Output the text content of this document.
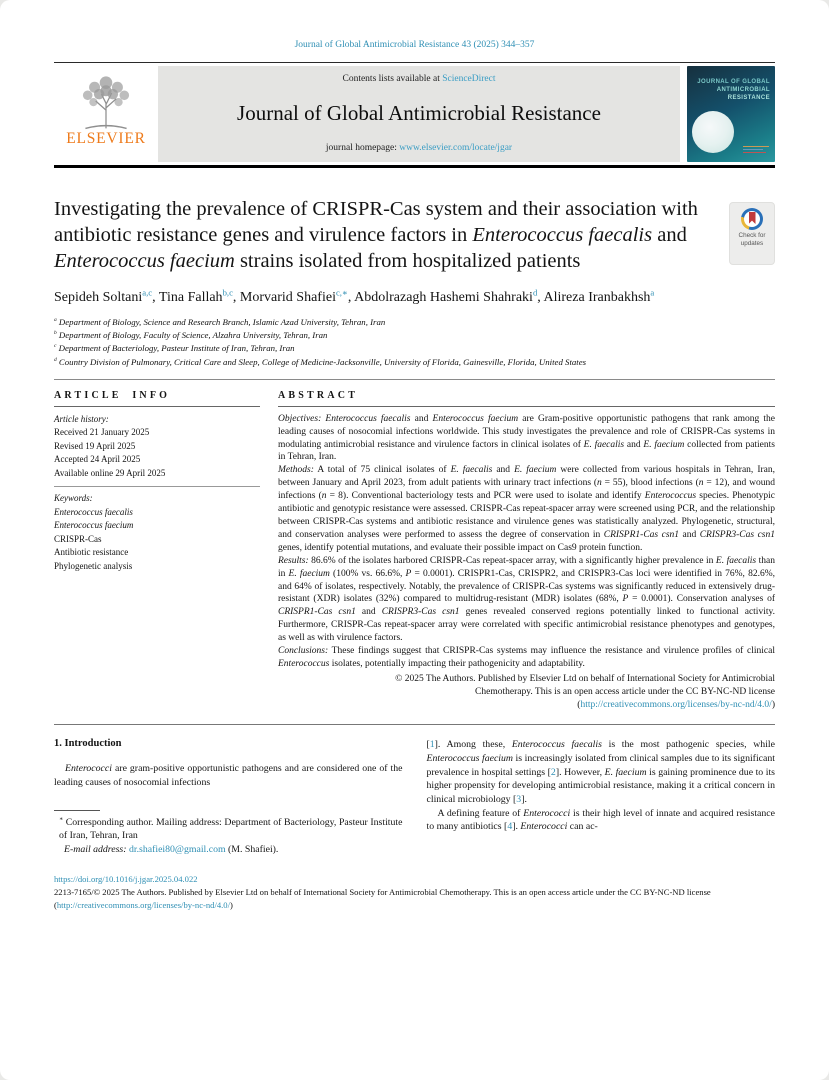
Journal of Global Antimicrobial Resistance 43 (2025) 344–357
ELSEVIER
Contents lists available at ScienceDirect
Journal of Global Antimicrobial Resistance
journal homepage: www.elsevier.com/locate/jgar
JOURNAL OF GLOBAL
ANTIMICROBIAL
RESISTANCE
Investigating the prevalence of CRISPR-Cas system and their association with antibiotic resistance genes and virulence factors in Enterococcus faecalis and Enterococcus faecium strains isolated from hospitalized patients
Check for
updates
Sepideh Soltani$^{a,c}$, Tina Fallah$^{b,c}$, Morvarid Shafiei$^{c,∗}$, Abdolrazagh Hashemi Shahraki$^d$, Alireza Iranbakhsh$^a$
$^a$ Department of Biology, Science and Research Branch, Islamic Azad University, Tehran, Iran
$^b$ Department of Biology, Faculty of Science, Alzahra University, Tehran, Iran
$^c$ Department of Bacteriology, Pasteur Institute of Iran, Tehran, Iran
$^d$ Country Division of Pulmonary, Critical Care and Sleep, College of Medicine-Jacksonville, University of Florida, Gainesville, Florida, United States
ARTICLE INFO
Article history:
Received 21 January 2025
Revised 19 April 2025
Accepted 24 April 2025
Available online 29 April 2025
Keywords:
Enterococcus faecalis
Enterococcus faecium
CRISPR-Cas
Antibiotic resistance
Phylogenetic analysis
ABSTRACT

Objectives: Enterococcus faecalis and Enterococcus faecium are Gram-positive opportunistic pathogens that rank among the leading causes of nosocomial infections worldwide. This study investigates the prevalence and role of CRISPR-Cas systems in modulating antimicrobial resistance and virulence factors in clinical isolates of E. faecalis and E. faecium collected from patients in Tehran, Iran.

Methods: A total of 75 clinical isolates of E. faecalis and E. faecium were collected from various hospitals in Tehran, Iran, between January and April 2023, from adult patients with urinary tract infections (n = 55), blood infections (n = 12), and wound infections (n = 8). Conventional bacteriology tests and PCR were used to isolate and identify Enterococcus species. Phenotypic antibiotic and genotypic resistance were assessed. CRISPR-Cas repeat-spacer array were screened using PCR, and the relationship between CRISPR-Cas systems and antibiotic resistance and virulence genes was statistically analyzed. Phylogenetic, structural, and conservation analyses were performed to assess the degree of conservation in CRISPR1-Cas csn1 and CRISPR3-Cas csn1 genes, identify potential mutations, and evaluate their possible impact on Cas9 protein function.

Results: 86.6% of the isolates harbored CRISPR-Cas repeat-spacer array, with a significantly higher prevalence in E. faecalis than in E. faecium (100% vs. 66.6%, P = 0.0001). CRISPR1-Cas, CRISPR2, and CRISPR3-Cas loci were identified in 76%, 82.6%, and 64% of isolates, respectively. Notably, the prevalence of CRISPR-Cas systems was significantly reduced in extensively drug-resistant (XDR) isolates (32%) compared to multidrug-resistant (MDR) isolates (68%, P = 0.0001). Conservation analyses of CRISPR1-Cas csn1 and CRISPR3-Cas csn1 genes revealed conserved regions potentially linked to functional activity. Furthermore, CRISPR-Cas repeat-spacer array were correlated with specific antimicrobial resistance phenotypes and genotypes, as well as with virulence factors.

Conclusions: These findings suggest that CRISPR-Cas systems may influence the resistance and virulence profiles of clinical Enterococcus isolates, potentially impacting their pathogenicity and adaptability.

© 2025 The Authors. Published by Elsevier Ltd on behalf of International Society for Antimicrobial
Chemotherapy. This is an open access article under the CC BY-NC-ND license
(http://creativecommons.org/licenses/by-nc-nd/4.0/)
1. Introduction

Enterococci are gram-positive opportunistic pathogens and are considered one of the leading causes of nosocomial infections

∗ Corresponding author. Mailing address: Department of Bacteriology, Pasteur Institute of Iran, Tehran, Iran

E-mail address: dr.shafiei80@gmail.com (M. Shafiei).

[1]. Among these, Enterococcus faecalis is the most pathogenic species, while Enterococcus faecium is increasingly isolated from clinical samples due to its significant prevalence in hospital settings [2]. However, E. faecium is gaining prominence due to its higher propensity for developing antimicrobial resistance, making it a critical concern in clinical microbiology [3].

A defining feature of Enterococci is their high level of innate and acquired resistance to many antibiotics [4]. Enterococci can ac-

https://doi.org/10.1016/j.jgar.2025.04.022
2213-7165/© 2025 The Authors. Published by Elsevier Ltd on behalf of International Society for Antimicrobial Chemotherapy. This is an open access article under the CC BY-NC-ND license (http://creativecommons.org/licenses/by-nc-nd/4.0/)
